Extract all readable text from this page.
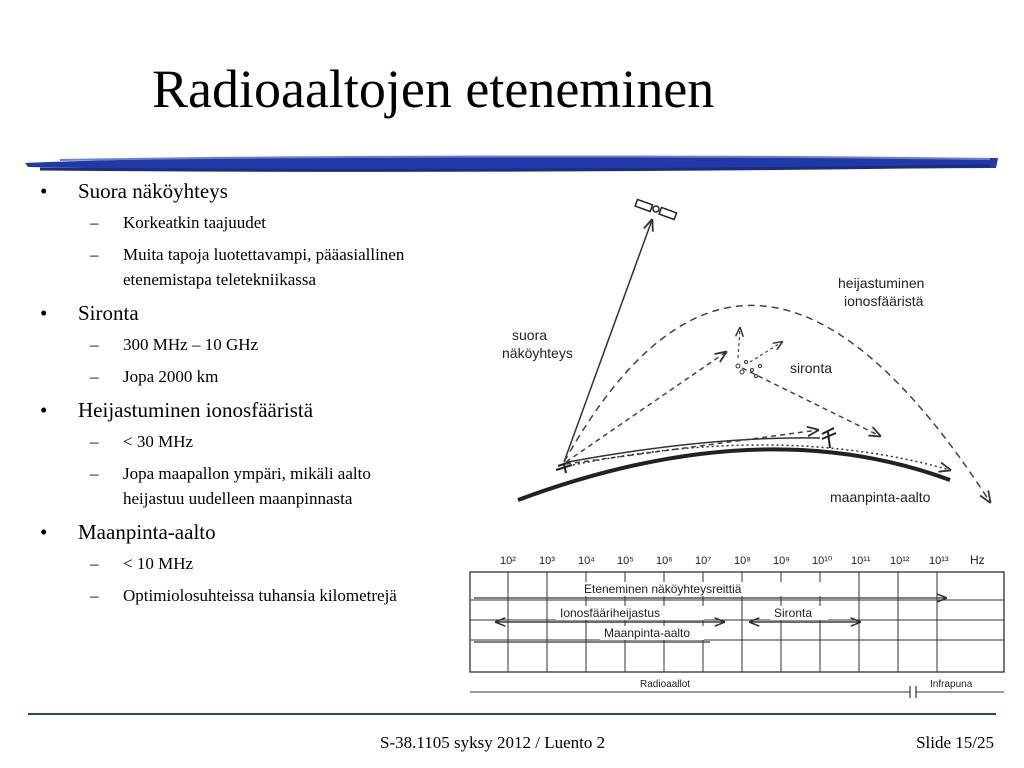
Radioaaltojen eteneminen
• Suora näköyhteys
– Korkeatkin taajuudet
– Muita tapoja luotettavampi, pääasiallinen etenemistapa teletekniikassa
• Sironta
– 300 MHz – 10 GHz
– Jopa 2000 km
• Heijastuminen ionosfääristä
– < 30 MHz
– Jopa maapallon ympäri, mikäli aalto heijastuu uudelleen maanpinnasta
• Maanpinta-aalto
– < 10 MHz
– Optimiolosuhteissa tuhansia kilometrejä
suora
näköyhteys
heijastuminen
ionosfääristä
sironta
maanpinta-aalto
10² 10³ 10⁴ 10⁵ 10⁶ 10⁷ 10⁸ 10⁹ 10¹⁰ 10¹¹ 10¹² 10¹³ Hz
Eteneminen näköyhteysreittiä
Ionosfääriheijastus	Sironta
Maanpinta-aalto
Radioaallot	Infrapuna
S-38.1105 syksy 2012 / Luento 2	Slide 15/25
